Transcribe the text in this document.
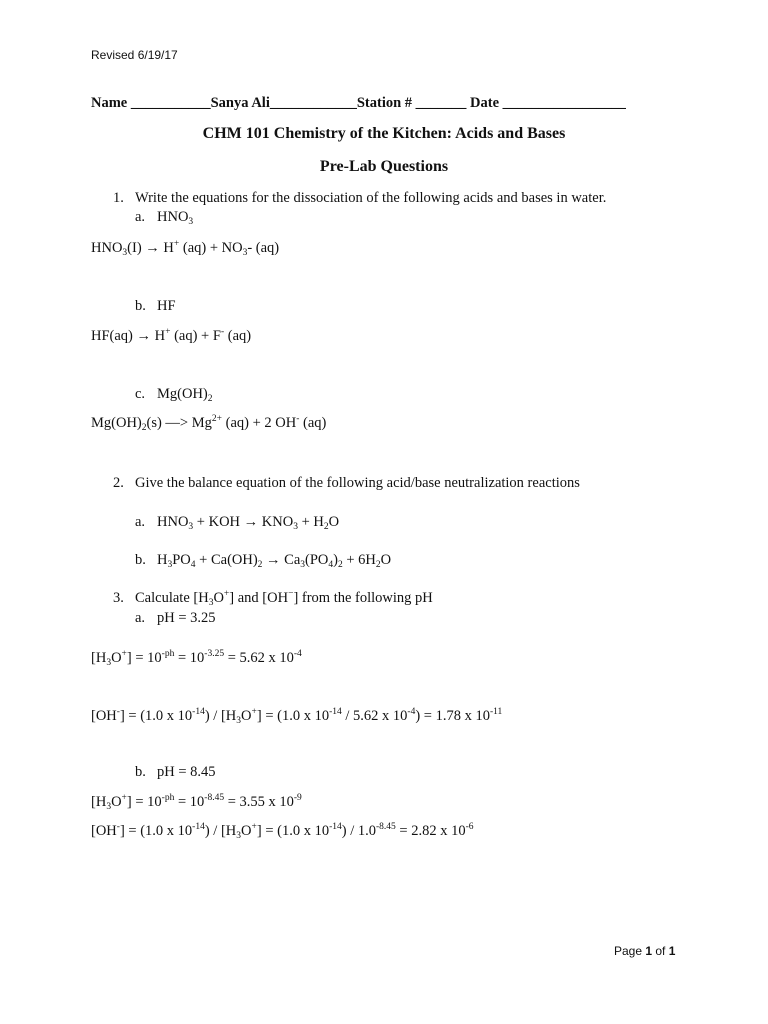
Revised 6/19/17
Name ___________Sanya Ali____________Station # _______ Date _________________
CHM 101 Chemistry of the Kitchen: Acids and Bases
Pre-Lab Questions
1. Write the equations for the dissociation of the following acids and bases in water.
a. $HNO_3$
$HNO_3(I) \to H^+$ $(aq) + NO_3-$ (aq)
b. HF
HF(aq) → H+ (aq) + F- (aq)
c. $Mg(OH)_2$
$Mg(OH)_2(s)$ —> $Mg^{2+}$ (aq) + 2 OH- (aq)
2. Give the balance equation of the following acid/base neutralization reactions
a. $HNO_3$ + KOH → $KNO_3 + H_2O$
b. $H_3PO_4 + Ca(OH)_2 \to Ca_3(PO_4)_2 + 6H_2O$
3. Calculate $[H_3O^+]$ and [OH−] from the following pH
a. pH = 3.25
$[H_3O^+] = 10^{-ph} = 10^{-3.25} = 5.62$ x $10^{-4}$
[OH-] = (1.0 x $10^{-14}) / [H_3O^+] = (1.0$ x $10^{-14} / 5.62$ x $10^{-4}) = 1.78$ x $10^{-11}$
b. pH = 8.45
$[H_3O^+] = 10^{-ph} = 10^{-8.45} = 3.55$ x $10^{-9}$
[OH-] = (1.0 x $10^{-14}) / [H_3O^+] = (1.0$ x $10^{-14}) / 1.0^{-8.45} = 2.82$ x $10^{-6}$
Page 1 of 1
